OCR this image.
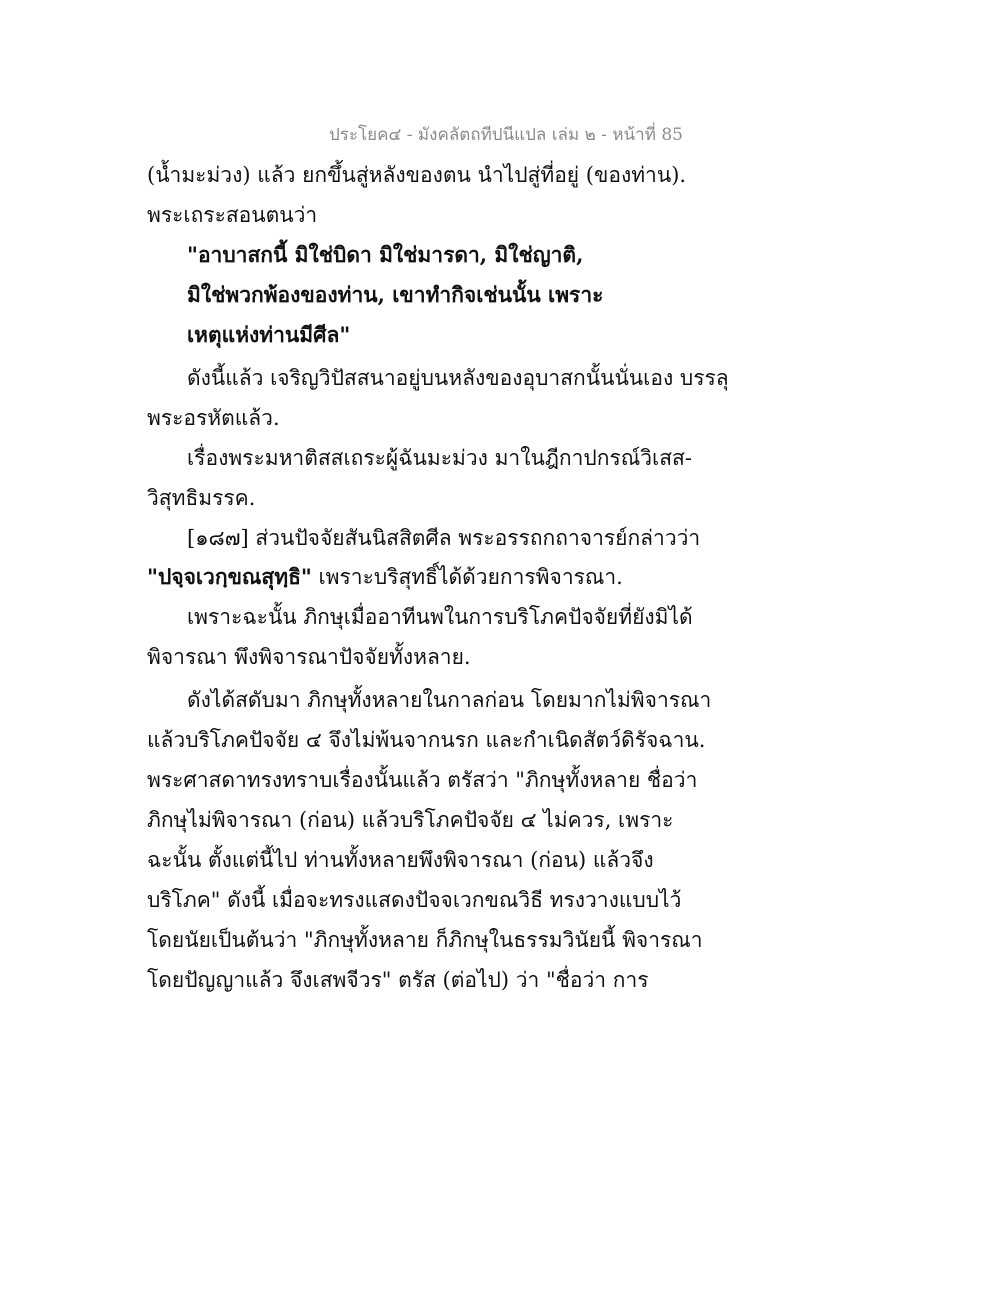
ประโยค๔ - มังคลัตถทีปนีแปล เล่ม ๒ - หน้าที่ 85
(น้ำมะม่วง) แล้ว ยกขึ้นสู่หลังของตน นำไปสู่ที่อยู่ (ของท่าน).
พระเถระสอนตนว่า
"อาบาสกนี้ มิใช่บิดา มิใช่มารดา, มิใช่ญาติ,
มิใช่พวกพ้องของท่าน, เขาทำกิจเช่นนั้น เพราะ
เหตุแห่งท่านมีศีล"
ดังนี้แล้ว เจริญวิปัสสนาอยู่บนหลังของอุบาสกนั้นนั่นเอง บรรลุ
พระอรหัตแล้ว.
เรื่องพระมหาติสสเถระผู้ฉันมะม่วง มาในฎีกาปกรณ์วิเสส-
วิสุทธิมรรค.
[๑๘๗] ส่วนปัจจัยสันนิสสิตศีล พระอรรถกถาจารย์กล่าวว่า
"ปจฺจเวกฺขณสุทฺธิ" เพราะบริสุทธิ์ได้ด้วยการพิจารณา.
เพราะฉะนั้น ภิกษุเมื่ออาทีนพในการบริโภคปัจจัยที่ยังมิได้
พิจารณา พึงพิจารณาปัจจัยทั้งหลาย.
ดังได้สดับมา ภิกษุทั้งหลายในกาลก่อน โดยมากไม่พิจารณา
แล้วบริโภคปัจจัย ๔ จึงไม่พ้นจากนรก และกำเนิดสัตว์ดิรัจฉาน.
พระศาสดาทรงทราบเรื่องนั้นแล้ว ตรัสว่า "ภิกษุทั้งหลาย ชื่อว่า
ภิกษุไม่พิจารณา (ก่อน) แล้วบริโภคปัจจัย ๔ ไม่ควร, เพราะ
ฉะนั้น ตั้งแต่นี้ไป ท่านทั้งหลายพึงพิจารณา (ก่อน) แล้วจึง
บริโภค" ดังนี้ เมื่อจะทรงแสดงปัจจเวกขณวิธี ทรงวางแบบไว้
โดยนัยเป็นต้นว่า "ภิกษุทั้งหลาย ก็ภิกษุในธรรมวินัยนี้ พิจารณา
โดยปัญญาแล้ว จึงเสพจีวร" ตรัส (ต่อไป) ว่า "ชื่อว่า การ
